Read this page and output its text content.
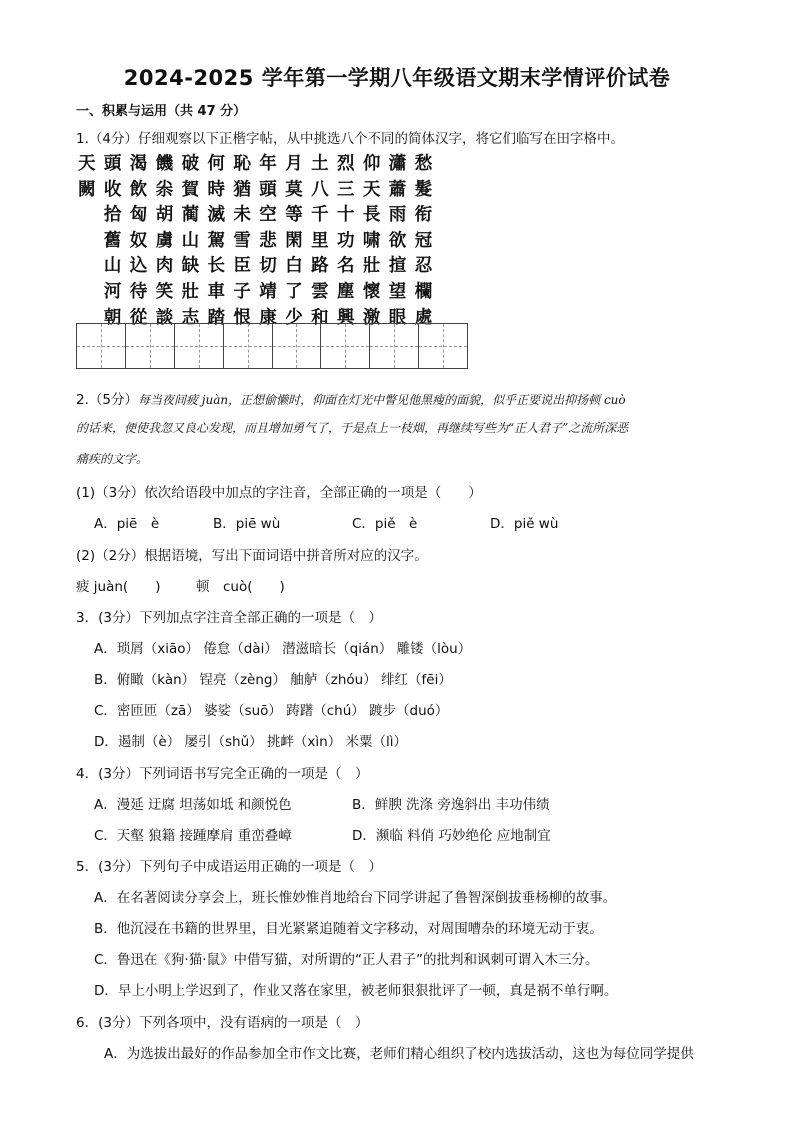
2024-2025 学年第一学期八年级语文期末学情评价试卷
一、积累与运用（共 47 分）
1.（4分）仔细观察以下正楷字帖，从中挑选八个不同的简体汉字，将它们临写在田字格中。
天頭渴饑破何恥年月土烈仰瀟愁
闕收飲尜賀時猶頭莫八三天蕭髮
　拾匈胡蔺滅未空等千十長雨衔
　舊奴虜山駕雪悲閑里功啸欲冠
　山込肉缺长臣切白路名壯揎忍
　河待笑壯車子靖了雲塵懷望欄
　朝從談志踏恨康少和興激眼處
2.（5分）每当夜间疲 juàn，正想偷懒时，仰面在灯光中瞥见他黑瘦的面貌，似乎正要说出抑扬顿 cuò
的话来，便使我忽又良心发现，而且增加勇气了，于是点上一枝烟，再继续写些为“正人君子”之流所深恶
痛疾的文字。
(1)（3分）依次给语段中加点的字注音，全部正确的一项是（　　）
A．piē　è	B．piē wù	C．piě　è	D．piě wù
(2)（2分）根据语境，写出下面词语中拼音所对应的汉字。
疲 juàn(　　)	顿　cuò(　　)
3．(3分）下列加点字注音全部正确的一项是（　）
A．琐屑（xiāo） 倦怠（dài） 潜滋暗长（qián） 雕镂（lòu）
B．俯瞰（kàn） 锃亮（zèng） 舳舻（zhóu） 绯红（fēi）
C．密匝匝（zā） 婆娑（suō） 踌躇（chú） 踱步（duó）
D．遏制（è） 屡引（shǔ） 挑衅（xìn） 米粟（lì）
4．(3分）下列词语书写完全正确的一项是（　）
A．漫延 迂腐 坦荡如坻 和颜悦色	B．鲜腴 洗涤 旁逸斜出 丰功伟绩
C．天壑 狼籍 接踵摩肩 重峦叠嶂	D．濒临 料俏 巧妙绝伦 应地制宜
5．(3分）下列句子中成语运用正确的一项是（　）
A．在名著阅读分享会上，班长惟妙惟肖地给台下同学讲起了鲁智深倒拔垂杨柳的故事。
B．他沉浸在书籍的世界里，目光紧紧追随着文字移动，对周围嘈杂的环境无动于衷。
C．鲁迅在《狗·猫·鼠》中借写猫，对所谓的“正人君子”的批判和讽刺可谓入木三分。
D．早上小明上学迟到了，作业又落在家里，被老师狠狠批评了一顿，真是祸不单行啊。
6．(3分）下列各项中，没有语病的一项是（　）
A．为选拔出最好的作品参加全市作文比赛，老师们精心组织了校内选拔活动，这也为每位同学提供
